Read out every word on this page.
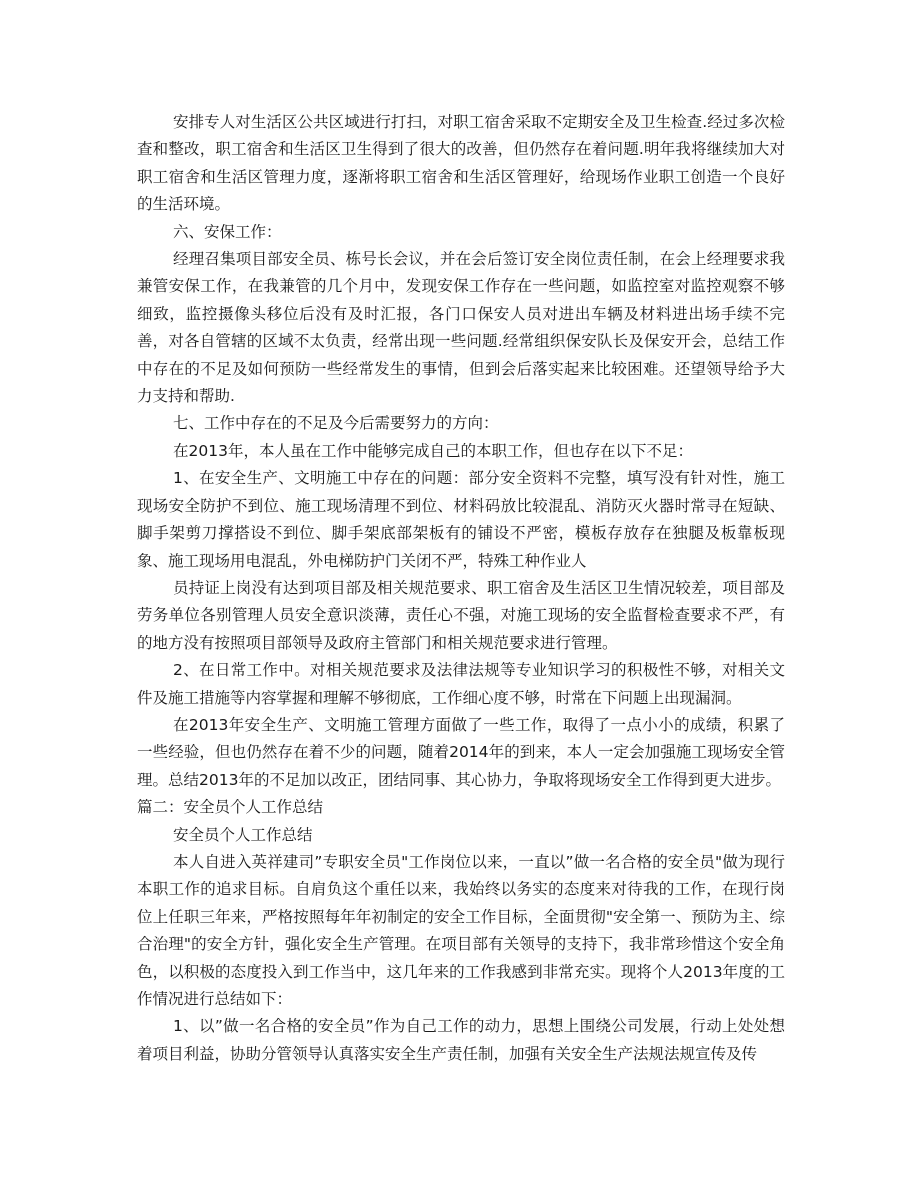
安排专人对生活区公共区域进行打扫，对职工宿舍采取不定期安全及卫生检查.经过多次检查和整改，职工宿舍和生活区卫生得到了很大的改善，但仍然存在着问题.明年我将继续加大对职工宿舍和生活区管理力度，逐渐将职工宿舍和生活区管理好，给现场作业职工创造一个良好的生活环境。

六、安保工作：

经理召集项目部安全员、栋号长会议，并在会后签订安全岗位责任制，在会上经理要求我兼管安保工作，在我兼管的几个月中，发现安保工作存在一些问题，如监控室对监控观察不够细致，监控摄像头移位后没有及时汇报，各门口保安人员对进出车辆及材料进出场手续不完善，对各自管辖的区域不太负责，经常出现一些问题.经常组织保安队长及保安开会，总结工作中存在的不足及如何预防一些经常发生的事情，但到会后落实起来比较困难。还望领导给予大力支持和帮助.

七、工作中存在的不足及今后需要努力的方向：

在2013年，本人虽在工作中能够完成自己的本职工作，但也存在以下不足：

1、在安全生产、文明施工中存在的问题：部分安全资料不完整，填写没有针对性，施工现场安全防护不到位、施工现场清理不到位、材料码放比较混乱、消防灭火器时常寻在短缺、脚手架剪刀撑搭设不到位、脚手架底部架板有的铺设不严密，模板存放存在独腿及板靠板现象、施工现场用电混乱，外电梯防护门关闭不严，特殊工种作业人

员持证上岗没有达到项目部及相关规范要求、职工宿舍及生活区卫生情况较差，项目部及劳务单位各别管理人员安全意识淡薄，责任心不强，对施工现场的安全监督检查要求不严，有的地方没有按照项目部领导及政府主管部门和相关规范要求进行管理。

2、在日常工作中。对相关规范要求及法律法规等专业知识学习的积极性不够，对相关文件及施工措施等内容掌握和理解不够彻底，工作细心度不够，时常在下问题上出现漏洞。

在2013年安全生产、文明施工管理方面做了一些工作，取得了一点小小的成绩，积累了一些经验，但也仍然存在着不少的问题，随着2014年的到来，本人一定会加强施工现场安全管理。总结2013年的不足加以改正，团结同事、其心协力，争取将现场安全工作得到更大进步。

篇二：安全员个人工作总结

安全员个人工作总结

本人自进入英祥建司”专职安全员"工作岗位以来，一直以”做一名合格的安全员"做为现行本职工作的追求目标。自肩负这个重任以来，我始终以务实的态度来对待我的工作，在现行岗位上任职三年来，严格按照每年年初制定的安全工作目标，全面贯彻"安全第一、预防为主、综合治理"的安全方针，强化安全生产管理。在项目部有关领导的支持下，我非常珍惜这个安全角色，以积极的态度投入到工作当中，这几年来的工作我感到非常充实。现将个人2013年度的工作情况进行总结如下：

1、以”做一名合格的安全员”作为自己工作的动力，思想上围绕公司发展，行动上处处想着项目利益，协助分管领导认真落实安全生产责任制，加强有关安全生产法规法规宣传及传
